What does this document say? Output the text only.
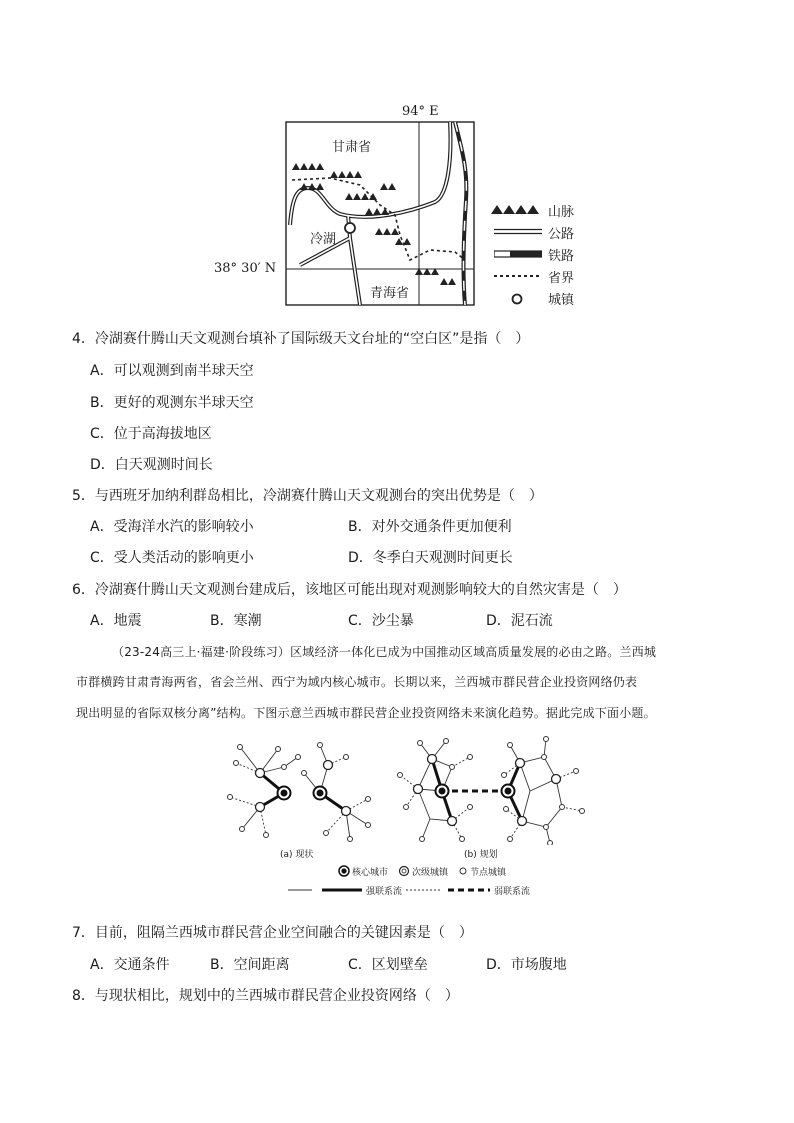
94° E
38° 30′ N
甘肃省
青海省
冷湖
山脉
公路
铁路
省界
城镇
4．冷湖赛什腾山天文观测台填补了国际级天文台址的“空白区”是指（　）
A．可以观测到南半球天空
B．更好的观测东半球天空
C．位于高海拔地区
D．白天观测时间长
5．与西班牙加纳利群岛相比，冷湖赛什腾山天文观测台的突出优势是（　）
A．受海洋水汽的影响较小	B．对外交通条件更加便利
C．受人类活动的影响更小	D．冬季白天观测时间更长
6．冷湖赛什腾山天文观测台建成后，该地区可能出现对观测影响较大的自然灾害是（　）
A．地震	B．寒潮	C．沙尘暴	D．泥石流
（23-24高三上·福建·阶段练习）区域经济一体化已成为中国推动区域高质量发展的必由之路。兰西城
市群横跨甘肃青海两省，省会兰州、西宁为域内核心城市。长期以来，兰西城市群民营企业投资网络仍表
现出明显的省际双核分离”结构。下图示意兰西城市群民营企业投资网络未来演化趋势。据此完成下面小题。
(a) 现状	(b) 规划
核心城市	次级城镇 节点城镇
强联系流	弱联系流
7．目前，阻隔兰西城市群民营企业空间融合的关键因素是（　）
A．交通条件	B．空间距离	C．区划壁垒	D．市场腹地
8．与现状相比，规划中的兰西城市群民营企业投资网络（　）
